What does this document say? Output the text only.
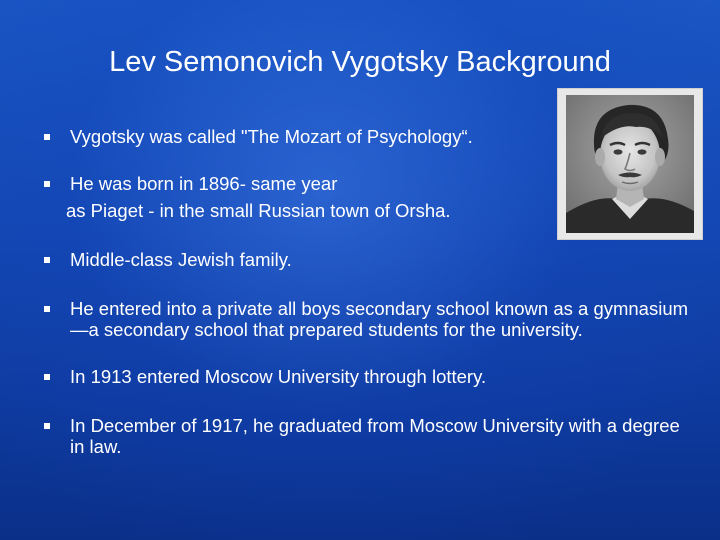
Lev Semonovich Vygotsky Background
Vygotsky was called "The Mozart of Psychology“.
He was born in 1896- same year
as Piaget - in the small Russian town of Orsha.
Middle-class Jewish family.
He entered into a private all boys secondary school known as a gymnasium—a secondary school that prepared students for the university.
In 1913 entered Moscow University through lottery.
In December of 1917, he graduated from Moscow University with a degree in law.
